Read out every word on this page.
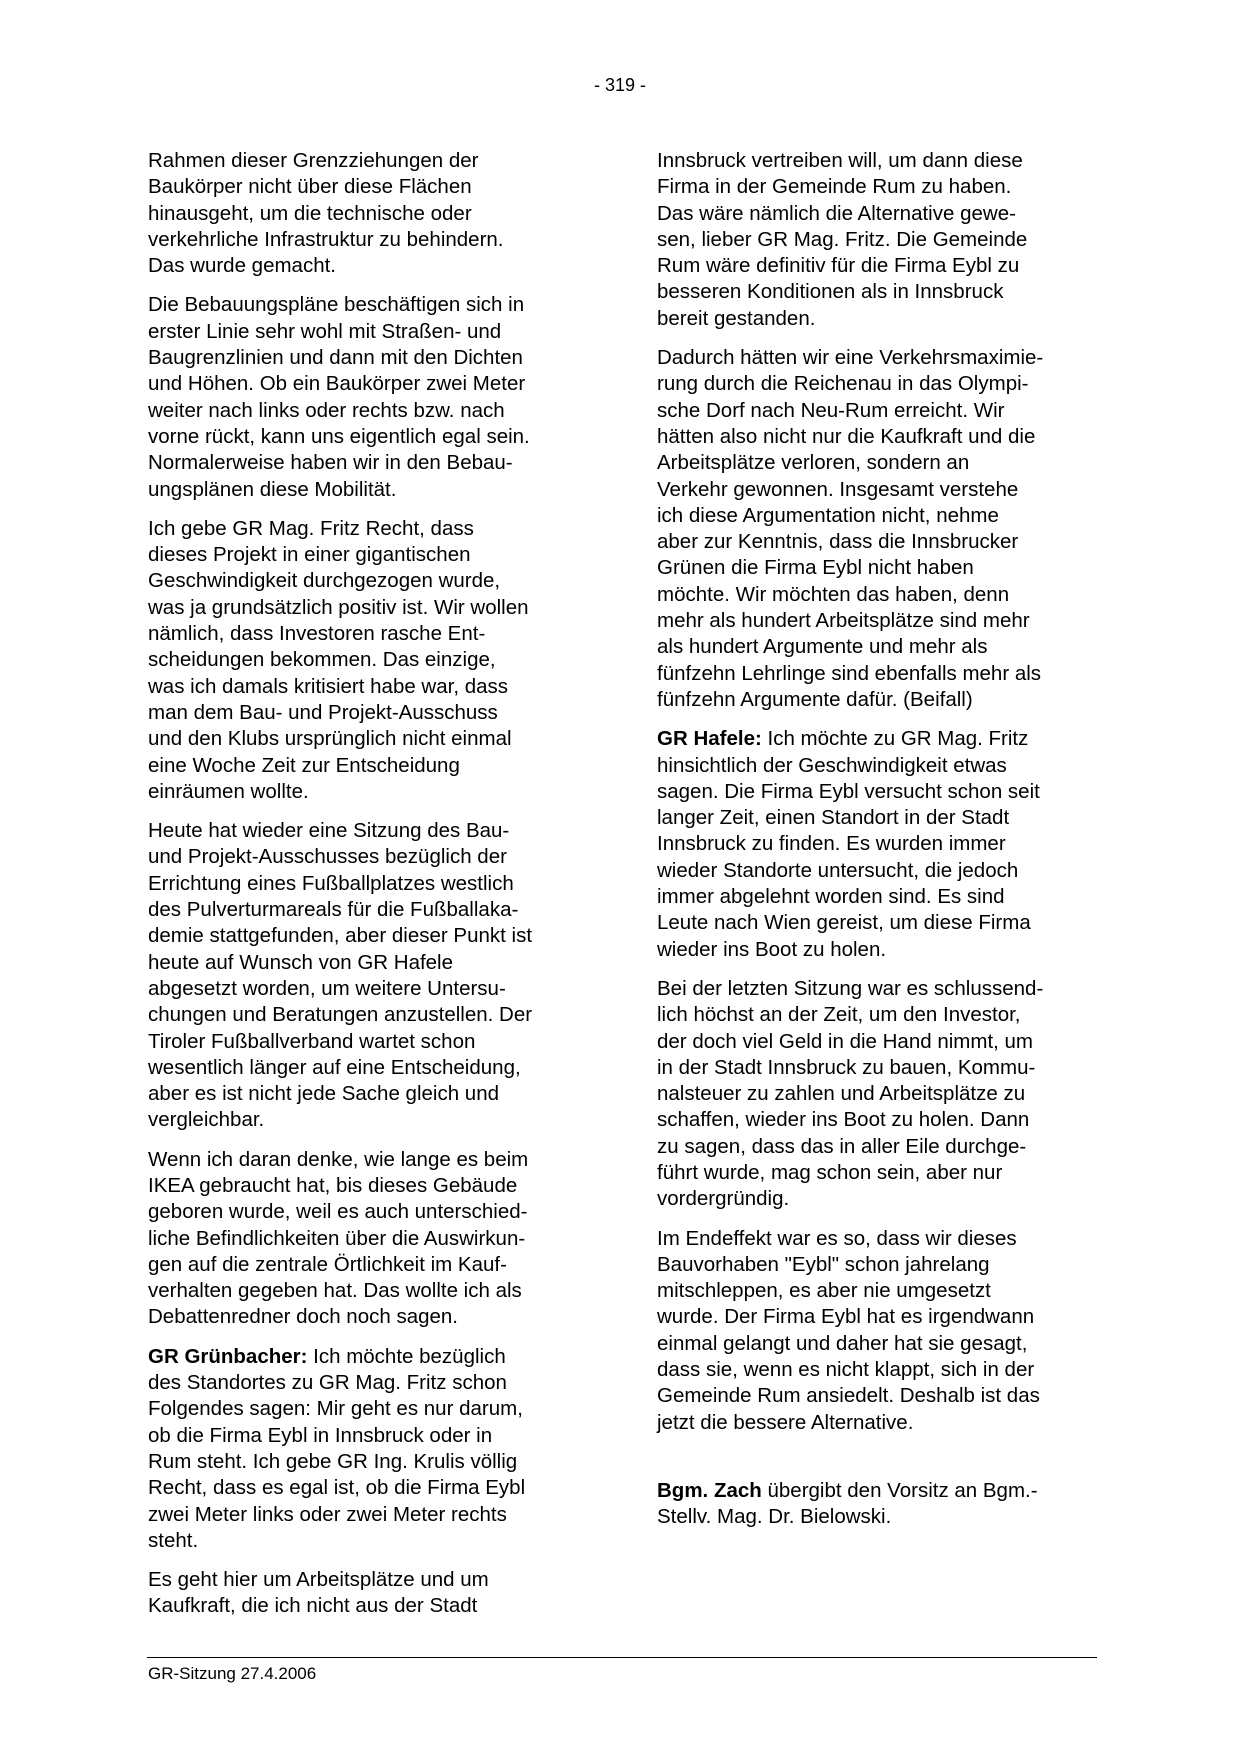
- 319 -

Rahmen dieser Grenzziehungen der
Baukörper nicht über diese Flächen
hinausgeht, um die technische oder
verkehrliche Infrastruktur zu behindern.
Das wurde gemacht.

Die Bebauungspläne beschäftigen sich in
erster Linie sehr wohl mit Straßen- und
Baugrenzlinien und dann mit den Dichten
und Höhen. Ob ein Baukörper zwei Meter
weiter nach links oder rechts bzw. nach
vorne rückt, kann uns eigentlich egal sein.
Normalerweise haben wir in den Bebau-
ungsplänen diese Mobilität.

Ich gebe GR Mag. Fritz Recht, dass
dieses Projekt in einer gigantischen
Geschwindigkeit durchgezogen wurde,
was ja grundsätzlich positiv ist. Wir wollen
nämlich, dass Investoren rasche Ent-
scheidungen bekommen. Das einzige,
was ich damals kritisiert habe war, dass
man dem Bau- und Projekt-Ausschuss
und den Klubs ursprünglich nicht einmal
eine Woche Zeit zur Entscheidung
einräumen wollte.

Heute hat wieder eine Sitzung des Bau-
und Projekt-Ausschusses bezüglich der
Errichtung eines Fußballplatzes westlich
des Pulverturmareals für die Fußballaka-
demie stattgefunden, aber dieser Punkt ist
heute auf Wunsch von GR Hafele
abgesetzt worden, um weitere Untersu-
chungen und Beratungen anzustellen. Der
Tiroler Fußballverband wartet schon
wesentlich länger auf eine Entscheidung,
aber es ist nicht jede Sache gleich und
vergleichbar.

Wenn ich daran denke, wie lange es beim
IKEA gebraucht hat, bis dieses Gebäude
geboren wurde, weil es auch unterschied-
liche Befindlichkeiten über die Auswirkun-
gen auf die zentrale Örtlichkeit im Kauf-
verhalten gegeben hat. Das wollte ich als
Debattenredner doch noch sagen.

GR Grünbacher: Ich möchte bezüglich
des Standortes zu GR Mag. Fritz schon
Folgendes sagen: Mir geht es nur darum,
ob die Firma Eybl in Innsbruck oder in
Rum steht. Ich gebe GR Ing. Krulis völlig
Recht, dass es egal ist, ob die Firma Eybl
zwei Meter links oder zwei Meter rechts
steht.

Es geht hier um Arbeitsplätze und um
Kaufkraft, die ich nicht aus der Stadt

Innsbruck vertreiben will, um dann diese
Firma in der Gemeinde Rum zu haben.
Das wäre nämlich die Alternative gewe-
sen, lieber GR Mag. Fritz. Die Gemeinde
Rum wäre definitiv für die Firma Eybl zu
besseren Konditionen als in Innsbruck
bereit gestanden.

Dadurch hätten wir eine Verkehrsmaximie-
rung durch die Reichenau in das Olympi-
sche Dorf nach Neu-Rum erreicht. Wir
hätten also nicht nur die Kaufkraft und die
Arbeitsplätze verloren, sondern an
Verkehr gewonnen. Insgesamt verstehe
ich diese Argumentation nicht, nehme
aber zur Kenntnis, dass die Innsbrucker
Grünen die Firma Eybl nicht haben
möchte. Wir möchten das haben, denn
mehr als hundert Arbeitsplätze sind mehr
als hundert Argumente und mehr als
fünfzehn Lehrlinge sind ebenfalls mehr als
fünfzehn Argumente dafür. (Beifall)

GR Hafele: Ich möchte zu GR Mag. Fritz
hinsichtlich der Geschwindigkeit etwas
sagen. Die Firma Eybl versucht schon seit
langer Zeit, einen Standort in der Stadt
Innsbruck zu finden. Es wurden immer
wieder Standorte untersucht, die jedoch
immer abgelehnt worden sind. Es sind
Leute nach Wien gereist, um diese Firma
wieder ins Boot zu holen.

Bei der letzten Sitzung war es schlussend-
lich höchst an der Zeit, um den Investor,
der doch viel Geld in die Hand nimmt, um
in der Stadt Innsbruck zu bauen, Kommu-
nalsteuer zu zahlen und Arbeitsplätze zu
schaffen, wieder ins Boot zu holen. Dann
zu sagen, dass das in aller Eile durchge-
führt wurde, mag schon sein, aber nur
vordergründig.

Im Endeffekt war es so, dass wir dieses
Bauvorhaben "Eybl" schon jahrelang
mitschleppen, es aber nie umgesetzt
wurde. Der Firma Eybl hat es irgendwann
einmal gelangt und daher hat sie gesagt,
dass sie, wenn es nicht klappt, sich in der
Gemeinde Rum ansiedelt. Deshalb ist das
jetzt die bessere Alternative.

Bgm. Zach übergibt den Vorsitz an Bgm.-
Stellv. Mag. Dr. Bielowski.

GR-Sitzung 27.4.2006
